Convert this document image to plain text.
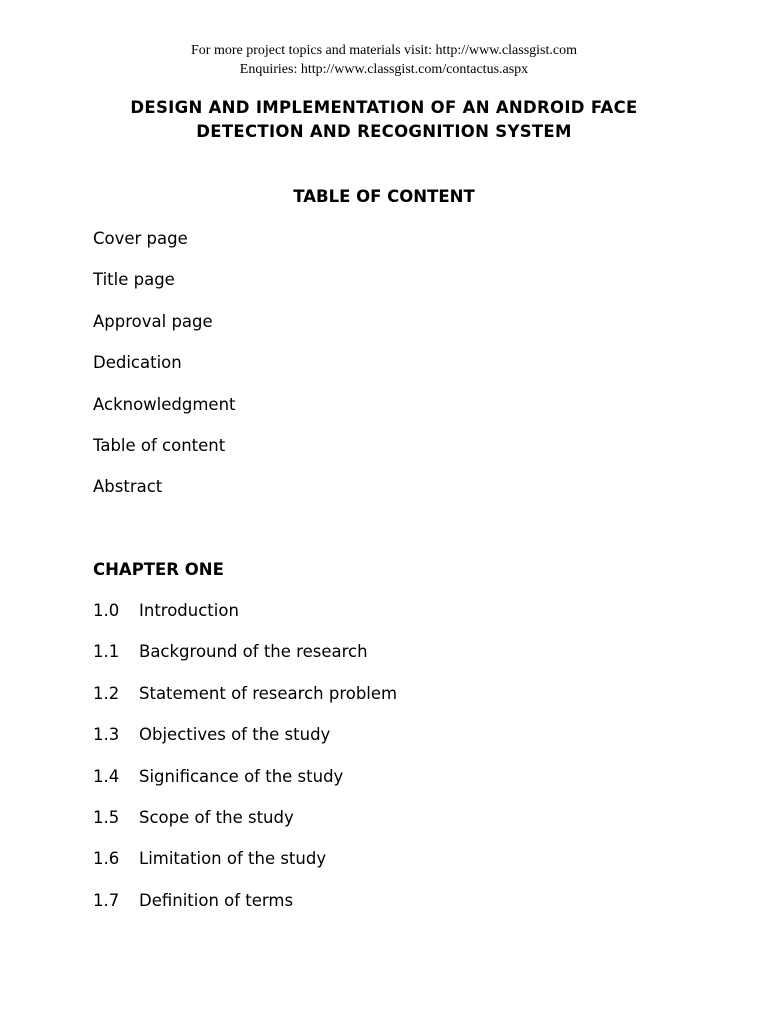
For more project topics and materials visit: http://www.classgist.com
Enquiries: http://www.classgist.com/contactus.aspx
DESIGN AND IMPLEMENTATION OF AN ANDROID FACE
DETECTION AND RECOGNITION SYSTEM
TABLE OF CONTENT
Cover page
Title page
Approval page
Dedication
Acknowledgment
Table of content
Abstract
CHAPTER ONE
1.0 Introduction
1.1 Background of the research
1.2 Statement of research problem
1.3 Objectives of the study
1.4 Significance of the study
1.5 Scope of the study
1.6 Limitation of the study
1.7 Definition of terms
